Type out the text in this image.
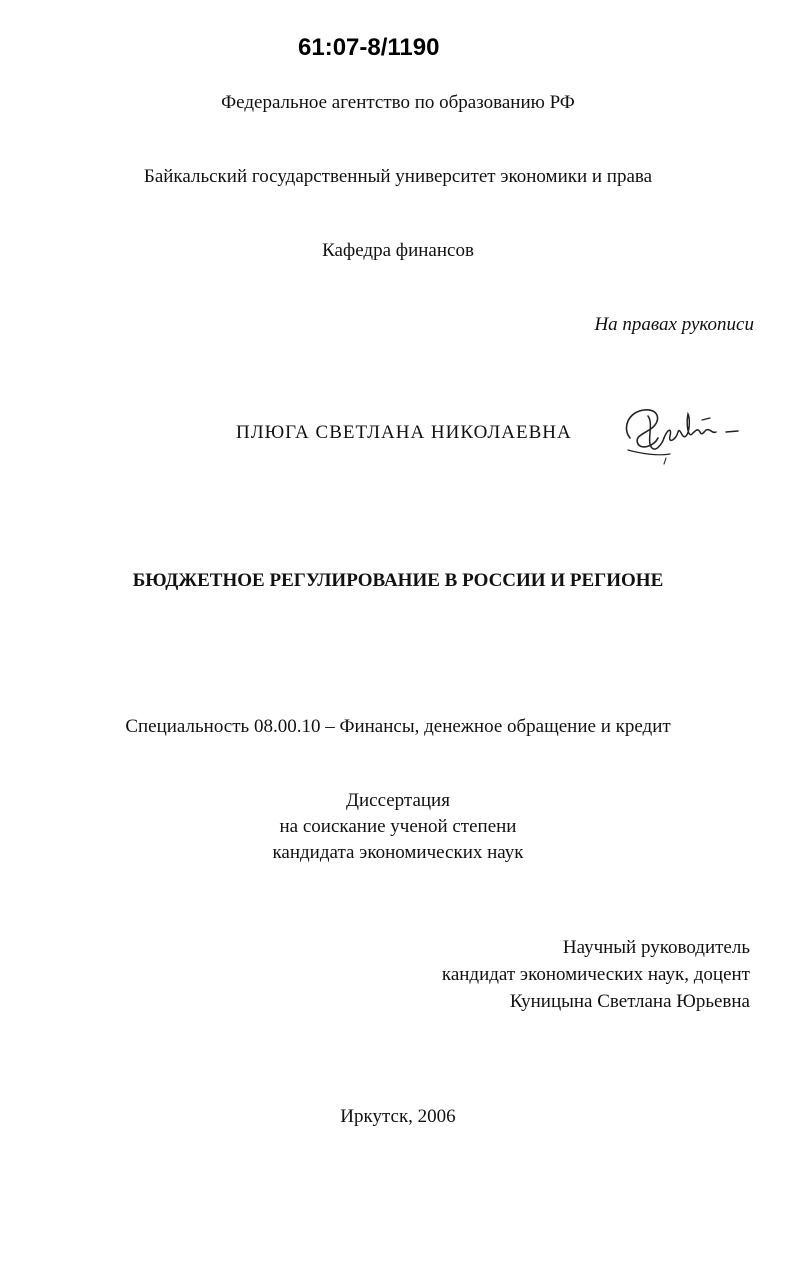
61:07-8/1190
Федеральное агентство по образованию РФ
Байкальский государственный университет экономики и права
Кафедра финансов
На правах рукописи
ПЛЮГА СВЕТЛАНА НИКОЛАЕВНА
БЮДЖЕТНОЕ РЕГУЛИРОВАНИЕ В РОССИИ И РЕГИОНЕ
Специальность 08.00.10 – Финансы, денежное обращение и кредит
Диссертация
на соискание ученой степени
кандидата экономических наук
Научный руководитель
кандидат экономических наук, доцент
Куницына Светлана Юрьевна
Иркутск, 2006
